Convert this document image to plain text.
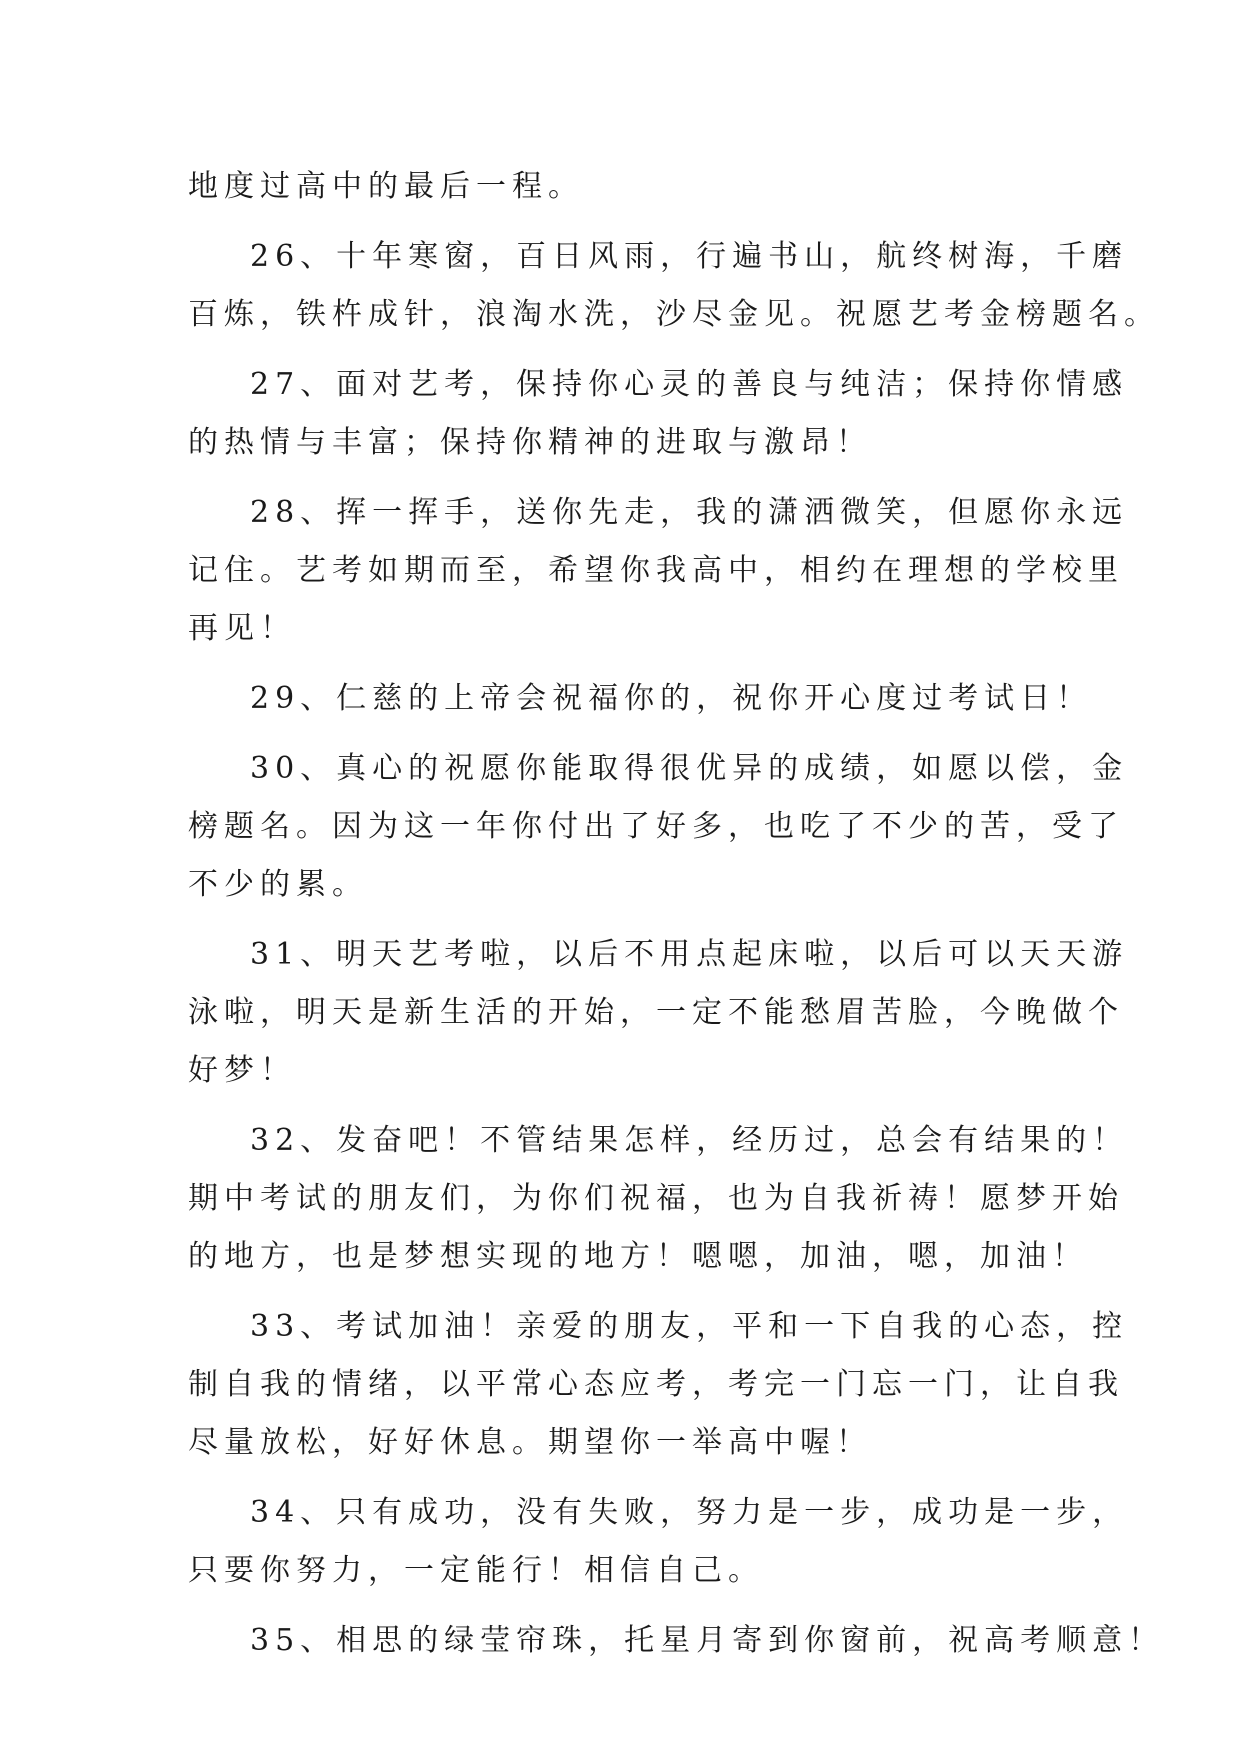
地度过高中的最后一程。
26、十年寒窗，百日风雨，行遍书山，航终树海，千磨
百炼，铁杵成针，浪淘水洗，沙尽金见。祝愿艺考金榜题名。
27、面对艺考，保持你心灵的善良与纯洁；保持你情感
的热情与丰富；保持你精神的进取与激昂！
28、挥一挥手，送你先走，我的潇洒微笑，但愿你永远
记住。艺考如期而至，希望你我高中，相约在理想的学校里
再见！
29、仁慈的上帝会祝福你的，祝你开心度过考试日！
30、真心的祝愿你能取得很优异的成绩，如愿以偿，金
榜题名。因为这一年你付出了好多，也吃了不少的苦，受了
不少的累。
31、明天艺考啦，以后不用点起床啦，以后可以天天游
泳啦，明天是新生活的开始，一定不能愁眉苦脸，今晚做个
好梦！
32、发奋吧！不管结果怎样，经历过，总会有结果的！
期中考试的朋友们，为你们祝福，也为自我祈祷！愿梦开始
的地方，也是梦想实现的地方！嗯嗯，加油，嗯，加油！
33、考试加油！亲爱的朋友，平和一下自我的心态，控
制自我的情绪，以平常心态应考，考完一门忘一门，让自我
尽量放松，好好休息。期望你一举高中喔！
34、只有成功，没有失败，努力是一步，成功是一步，
只要你努力，一定能行！相信自己。
35、相思的绿莹帘珠，托星月寄到你窗前，祝高考顺意！
